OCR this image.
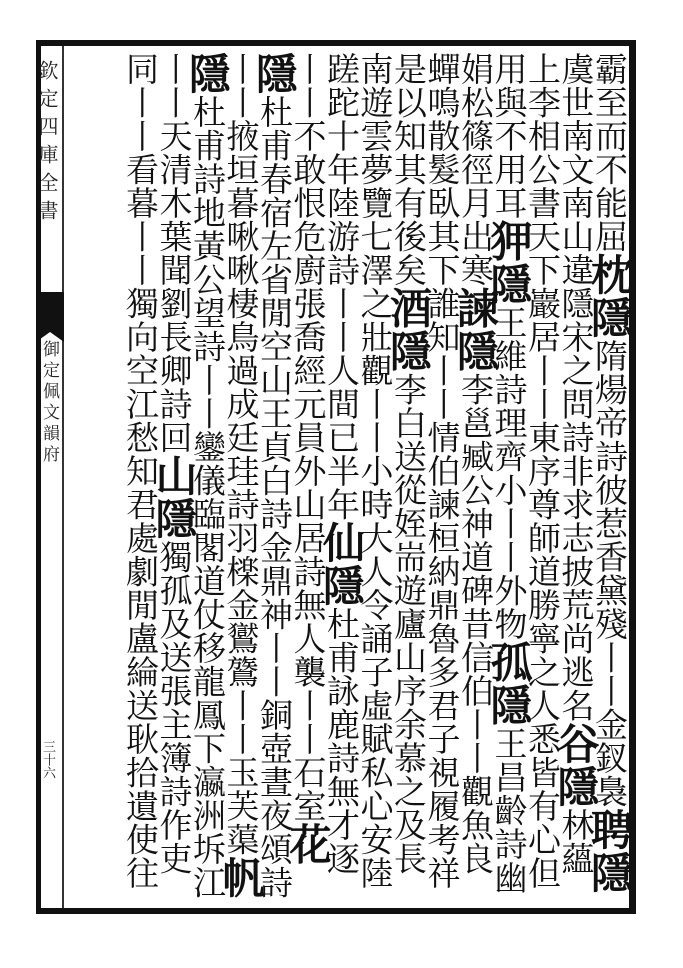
欽定四庫全書
御定佩文韻府
三十六
霸至而不能屈枕隱隋煬帝詩彼惹香黛殘丨丨金釵裊聘隱虞世南文南山違隱宋之問詩非求志披荒尚逃名谷隱林蘊上李相公書天下巖居丨丨東序尊師道勝寧之人悉皆有心但用與不用耳狎隱王維詩理齊小丨丨外物孤隱王昌齡詩幽娟松篠徑月出寒諫隱李邕臧公神道碑昔信伯丨丨觀魚良蟬鳴散髮臥其下誰知丨丨情伯諫桓納鼎魯多君子視履考祥是以知其有後矣酒隱李白送從姪耑遊廬山序余慕之及長南遊雲夢覽七澤之壯觀丨丨小時大人令誦子虛賦私心安陸蹉跎十年陸游詩丨丨人間已半年仙隱杜甫詠鹿詩無才逐丨丨不敢恨危廚張喬經元員外山居詩無人襲丨丨石室花隱杜甫春宿左省閒空山王貞白詩金鼎神丨丨銅壺晝夜頌詩丨丨掖垣暮啾啾棲鳥過成廷珪詩羽檪金鸑鷟丨丨玉芙蕖帆隱杜甫詩地黃公望詩丨丨鑾儀臨閣道仗移龍鳳下瀛洲坼江丨丨天清木葉聞劉長卿詩回山隱獨孤及送張主簿詩作吏同丨丨看暮丨丨獨向空江愁知君處劇閒盧綸送耿拾遺使往
